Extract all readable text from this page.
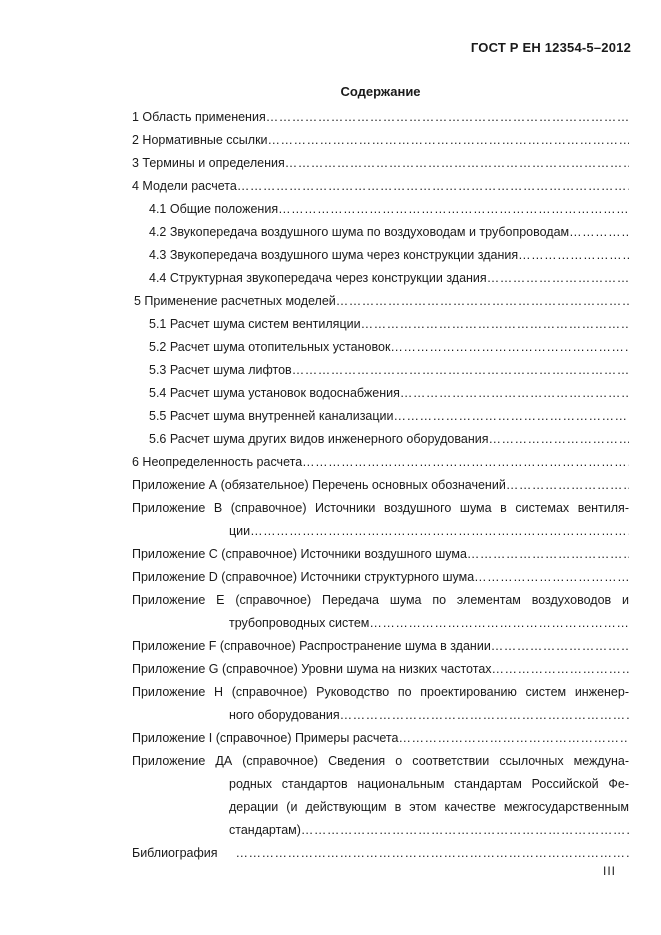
ГОСТ Р ЕН 12354-5–2012
Содержание
1 Область применения
…………………………………………………………………………………………………………………………………………………………
2 Нормативные ссылки
…………………………………………………………………………………………………………………………………………………………
3 Термины и определения
…………………………………………………………………………………………………………………………………………………………
4 Модели расчета
…………………………………………………………………………………………………………………………………………………………
4.1 Общие положения
…………………………………………………………………………………………………………………………………………………………
4.2 Звукопередача воздушного шума по воздуховодам и трубопроводам
…………………………………………………………………………………………………………………………………………………………
4.3 Звукопередача воздушного шума через конструкции здания
…………………………………………………………………………………………………………………………………………………………
4.4 Структурная звукопередача через конструкции здания
…………………………………………………………………………………………………………………………………………………………
5 Применение расчетных моделей
…………………………………………………………………………………………………………………………………………………………
5.1 Расчет шума систем вентиляции
…………………………………………………………………………………………………………………………………………………………
5.2 Расчет шума отопительных установок
…………………………………………………………………………………………………………………………………………………………
5.3 Расчет шума лифтов
…………………………………………………………………………………………………………………………………………………………
5.4 Расчет шума установок водоснабжения
…………………………………………………………………………………………………………………………………………………………
5.5 Расчет шума внутренней канализации
…………………………………………………………………………………………………………………………………………………………
5.6 Расчет шума других видов инженерного оборудования
…………………………………………………………………………………………………………………………………………………………
6 Неопределенность расчета
…………………………………………………………………………………………………………………………………………………………
Приложение А (обязательное) Перечень основных обозначений
…………………………………………………………………………………………………………………………………………………………
Приложение В (справочное) Источники воздушного шума в системах вентиля-
ции
…………………………………………………………………………………………………………………………………………………………
Приложение С (справочное) Источники воздушного шума
…………………………………………………………………………………………………………………………………………………………
Приложение D (справочное) Источники структурного шума
…………………………………………………………………………………………………………………………………………………………
Приложение Е (справочное) Передача шума по элементам воздуховодов и
трубопроводных систем
…………………………………………………………………………………………………………………………………………………………
Приложение F (справочное) Распространение шума в здании
…………………………………………………………………………………………………………………………………………………………
Приложение G (справочное) Уровни шума на низких частотах
…………………………………………………………………………………………………………………………………………………………
Приложение Н (справочное) Руководство по проектированию систем инженер-
ного оборудования
…………………………………………………………………………………………………………………………………………………………
Приложение I (справочное) Примеры расчета
…………………………………………………………………………………………………………………………………………………………
Приложение ДА (справочное) Сведения о соответствии ссылочных междуна-
родных стандартов национальным стандартам Российской Фе-
дерации (и действующим в этом качестве межгосударственным
стандартам)
…………………………………………………………………………………………………………………………………………………………
Библиография
…………………………………………………………………………………………………………………………………………………………
III
